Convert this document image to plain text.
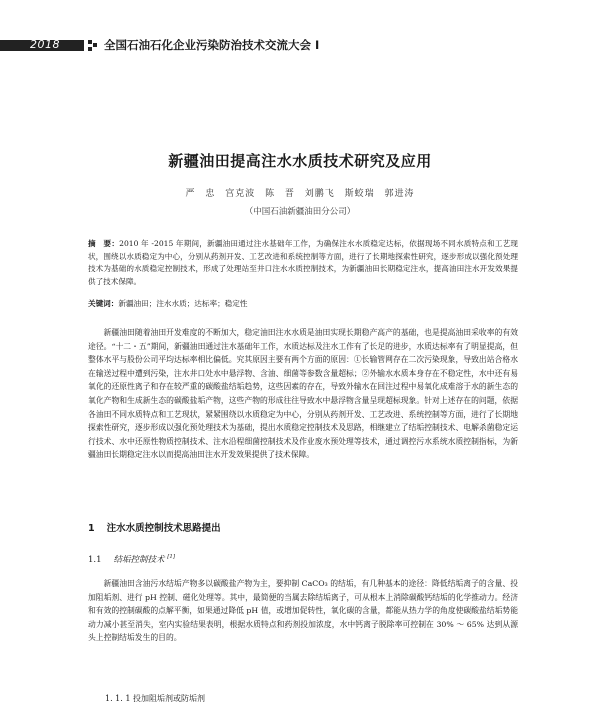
2018	全国石油石化企业污染防治技术交流大会 I
新疆油田提高注水水质技术研究及应用
严 忠 宫克波 陈 晋 刘鹏飞 斯蛟瑞 郭进涛
（中国石油新疆油田分公司）
摘　要：2010 年 -2015 年期间，新疆油田通过注水基础年工作，为确保注水水质稳定达标，依据现场不同水质特点和工艺现状，围绕以水质稳定为中心，分别从药剂开发、工艺改进和系统控制等方面，进行了长期地探索性研究，逐步形成以强化预处理技术为基础的水质稳定控制技术，形成了处理站至井口注水水质控制技术，为新疆油田长期稳定注水，提高油田注水开发效果提供了技术保障。
关键词：新疆油田；注水水质；达标率；稳定性
新疆油田随着油田开发难度的不断加大，稳定油田注水水质是油田实现长期稳产高产的基础，也是提高油田采收率的有效途径。“十二・五”期间，新疆油田通过注水基础年工作，水质达标及注水工作有了长足的进步，水质达标率有了明显提高，但整体水平与股份公司平均达标率相比偏低。究其原因主要有两个方面的原因：①长输管网存在二次污染现象，导致出站合格水在输送过程中遭到污染，注水井口处水中悬浮物、含油、细菌等参数含量超标；②外输水水质本身存在不稳定性，水中还有易氧化的还原性离子和存在较严重的碳酸盐结垢趋势，这些因素的存在，导致外输水在回注过程中易氧化成难溶于水的新生态的氧化产物和生成新生态的碳酸盐垢产物，这些产物的形成往往导致水中悬浮物含量呈现超标现象。针对上述存在的问题，依据各油田不同水质特点和工艺现状，紧紧围绕以水质稳定为中心，分别从药剂开发、工艺改进、系统控制等方面，进行了长期地探索性研究，逐步形成以强化预处理技术为基础，提出水质稳定控制技术及思路，相继建立了结垢控制技术、电解杀菌稳定运行技术、水中还原性物质控制技术、注水沿程细菌控制技术及作业废水预处理等技术，通过调控污水系统水质控制指标，为新疆油田长期稳定注水以而提高油田注水开发效果提供了技术保障。
1 注水水质控制技术思路提出
1.1 结垢控制技术 [1]
新疆油田含油污水结垢产物多以碳酸盐产物为主，要抑制 CaCO₃ 的结垢，有几种基本的途径：降低结垢离子的含量、投加阻垢剂、进行 pH 控制、磁化处理等。其中，最简便的当属去除结垢离子，可从根本上消除碳酸钙结垢的化学推动力。经济和有效的控制碳酸的点解平衡，如果通过降低 pH 值，或增加促转性，氧化碳的含量，都能从热力学的角度使碳酸盐结垢势能动力减小甚至消失，室内实验结果表明，根据水质特点和药剂投加浓度，水中钙离子脱除率可控制在 30% ～ 65% 达到从源头上控制结垢发生的目的。
1. 1. 1 投加阻垢剂或防垢剂
